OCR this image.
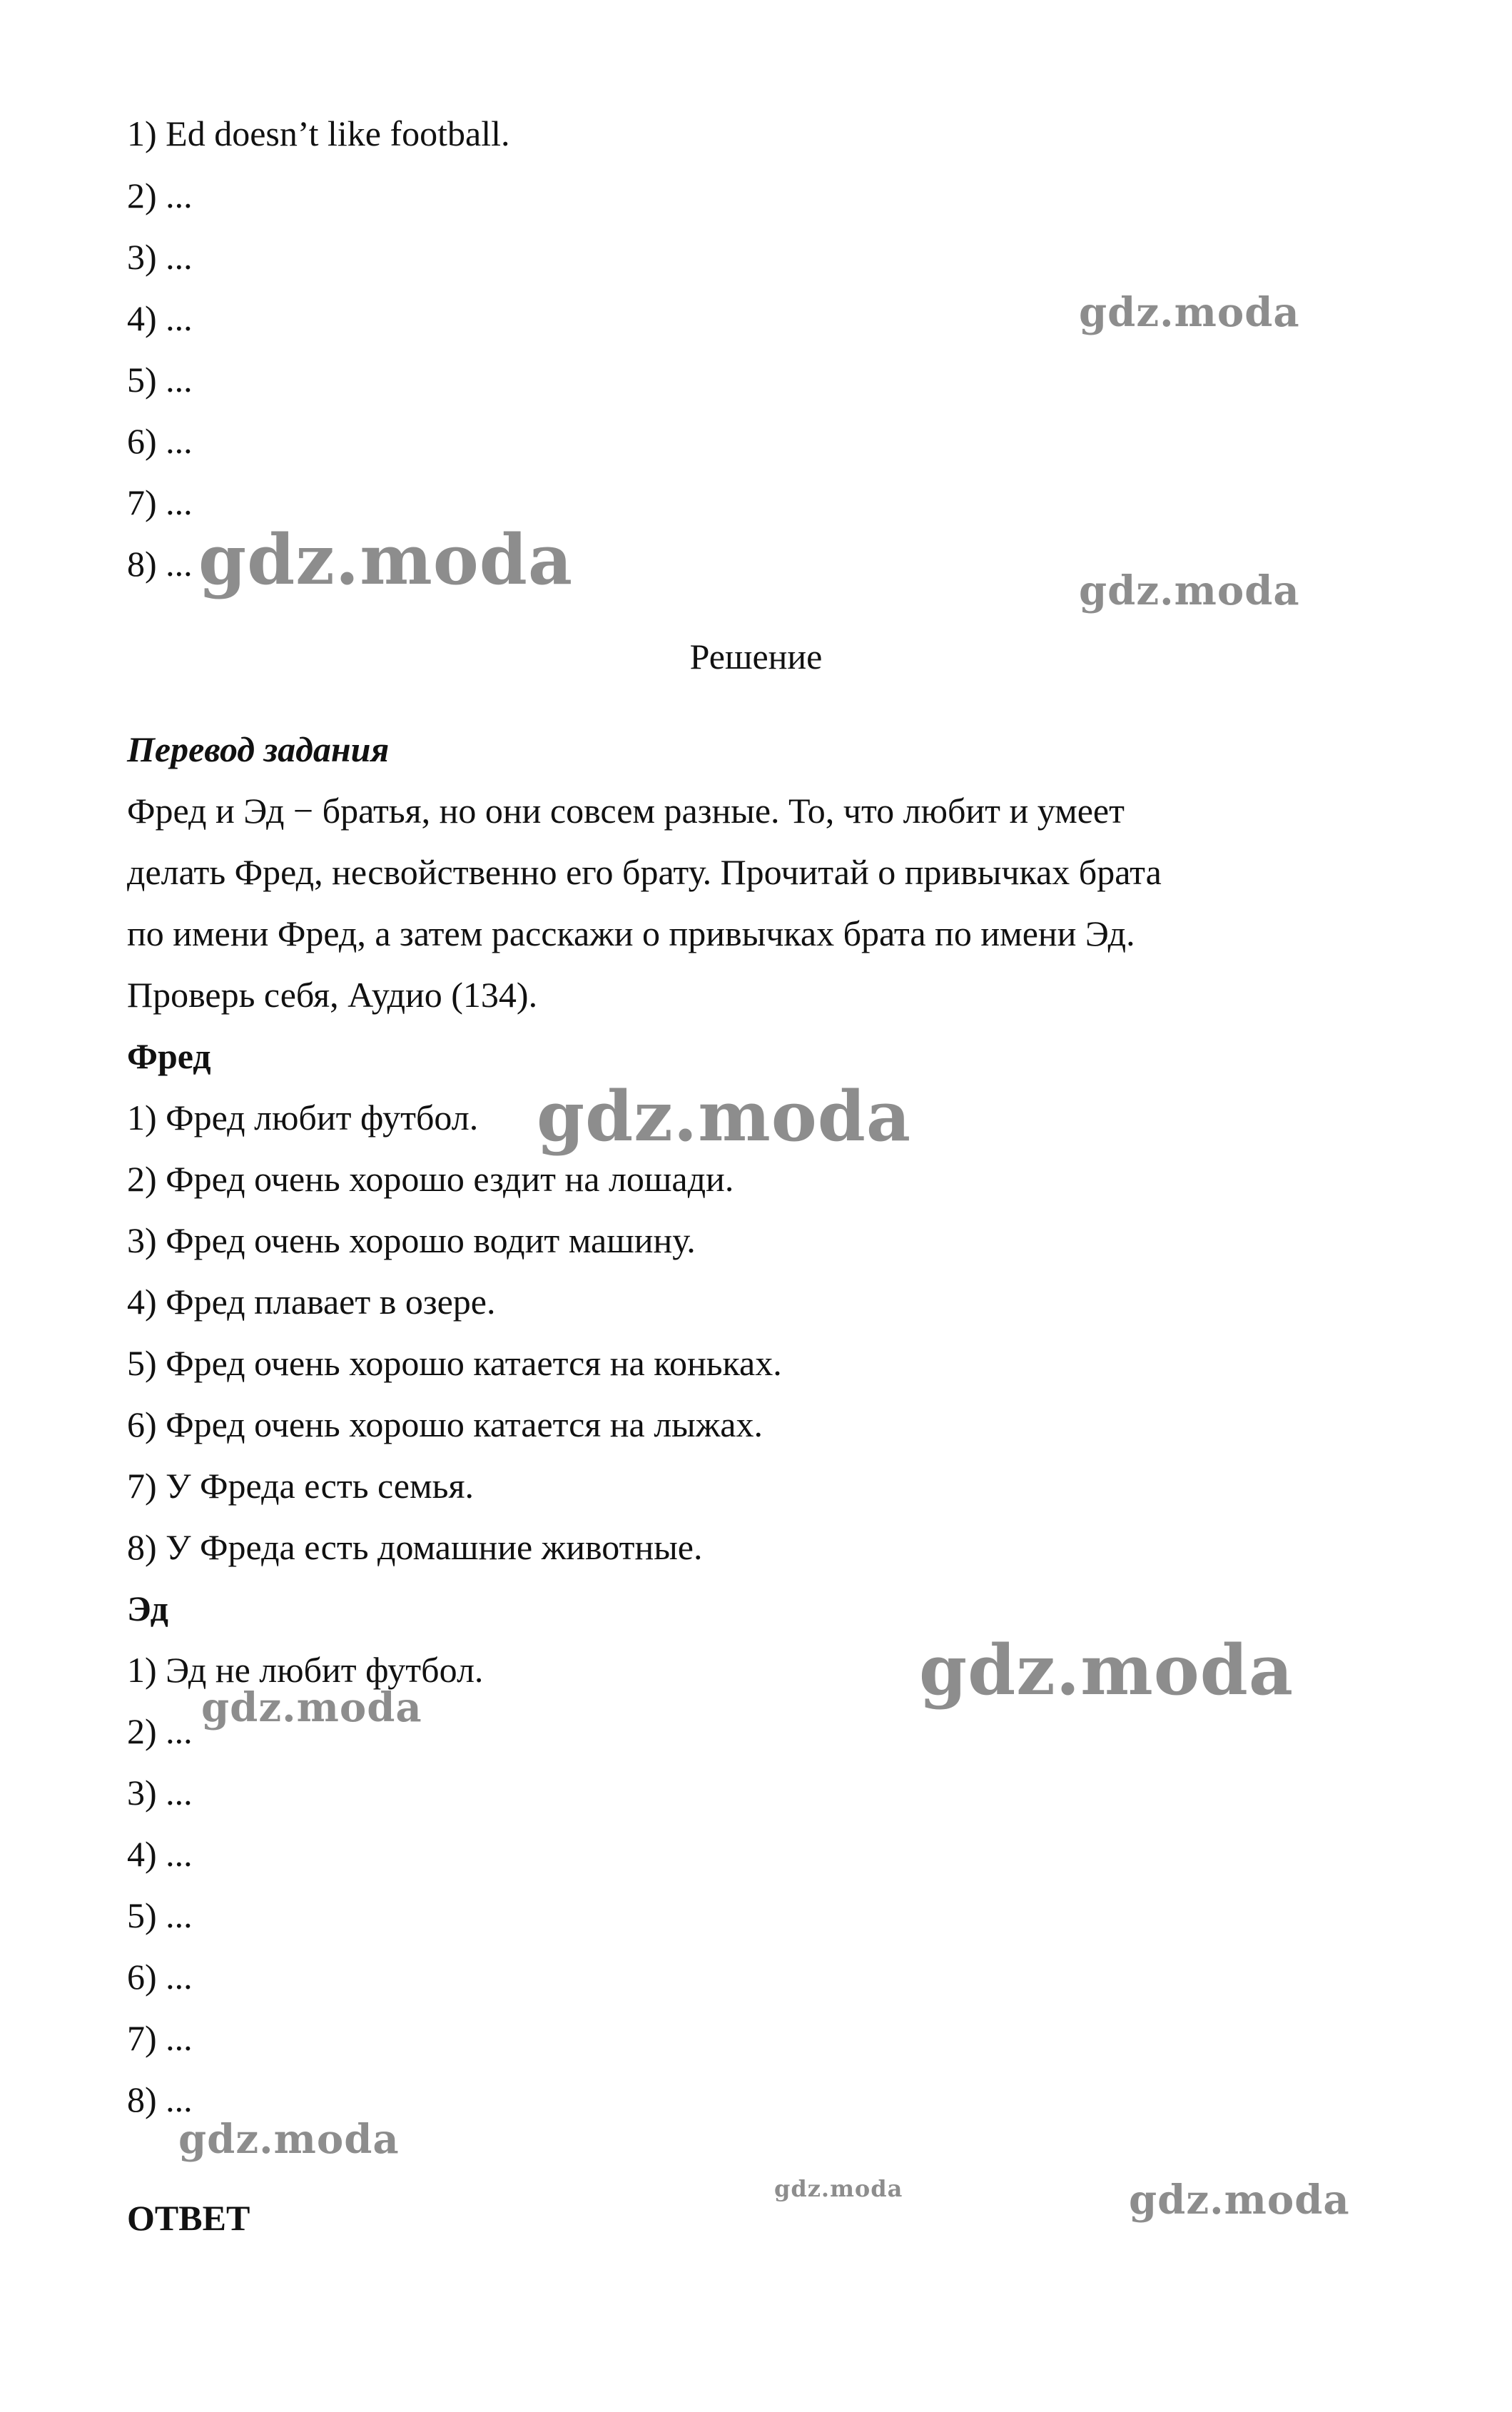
1) Ed doesn’t like football.
2) ...
3) ...
4) ...
5) ...
6) ...
7) ...
8) ...
Решение
Перевод задания
Фред и Эд − братья, но они совсем разные. То, что любит и умеет
делать Фред, несвойственно его брату. Прочитай о привычках брата
по имени Фред, а затем расскажи о привычках брата по имени Эд.
Проверь себя, Аудио (134).
Фред
1) Фред любит футбол.
2) Фред очень хорошо ездит на лошади.
3) Фред очень хорошо водит машину.
4) Фред плавает в озере.
5) Фред очень хорошо катается на коньках.
6) Фред очень хорошо катается на лыжах.
7) У Фреда есть семья.
8) У Фреда есть домашние животные.
Эд
1) Эд не любит футбол.
2) ...
3) ...
4) ...
5) ...
6) ...
7) ...
8) ...
ОТВЕТ
gdz.moda
gdz.moda	gdz.moda
gdz.moda
gdz.moda
gdz.moda
gdz.moda
gdz.moda	gdz.moda
